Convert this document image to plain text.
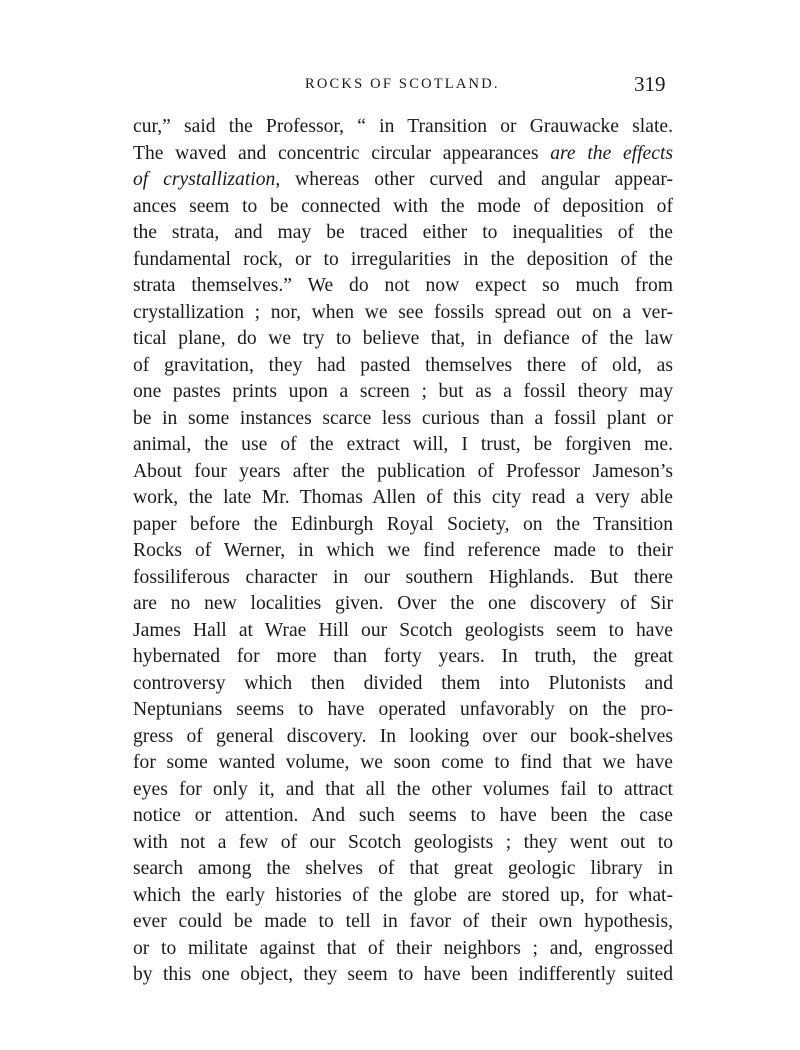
ROCKS OF SCOTLAND.	319
cur,” said the Professor, “ in Transition or Grauwacke slate.
The waved and concentric circular appearances are the effects
of crystallization, whereas other curved and angular appear-
ances seem to be connected with the mode of deposition of
the strata, and may be traced either to inequalities of the
fundamental rock, or to irregularities in the deposition of the
strata themselves.” We do not now expect so much from
crystallization ; nor, when we see fossils spread out on a ver-
tical plane, do we try to believe that, in defiance of the law
of gravitation, they had pasted themselves there of old, as
one pastes prints upon a screen ; but as a fossil theory may
be in some instances scarce less curious than a fossil plant or
animal, the use of the extract will, I trust, be forgiven me.
About four years after the publication of Professor Jameson’s
work, the late Mr. Thomas Allen of this city read a very able
paper before the Edinburgh Royal Society, on the Transition
Rocks of Werner, in which we find reference made to their
fossiliferous character in our southern Highlands. But there
are no new localities given. Over the one discovery of Sir
James Hall at Wrae Hill our Scotch geologists seem to have
hybernated for more than forty years. In truth, the great
controversy which then divided them into Plutonists and
Neptunians seems to have operated unfavorably on the pro-
gress of general discovery. In looking over our book-shelves
for some wanted volume, we soon come to find that we have
eyes for only it, and that all the other volumes fail to attract
notice or attention. And such seems to have been the case
with not a few of our Scotch geologists ; they went out to
search among the shelves of that great geologic library in
which the early histories of the globe are stored up, for what-
ever could be made to tell in favor of their own hypothesis,
or to militate against that of their neighbors ; and, engrossed
by this one object, they seem to have been indifferently suited
